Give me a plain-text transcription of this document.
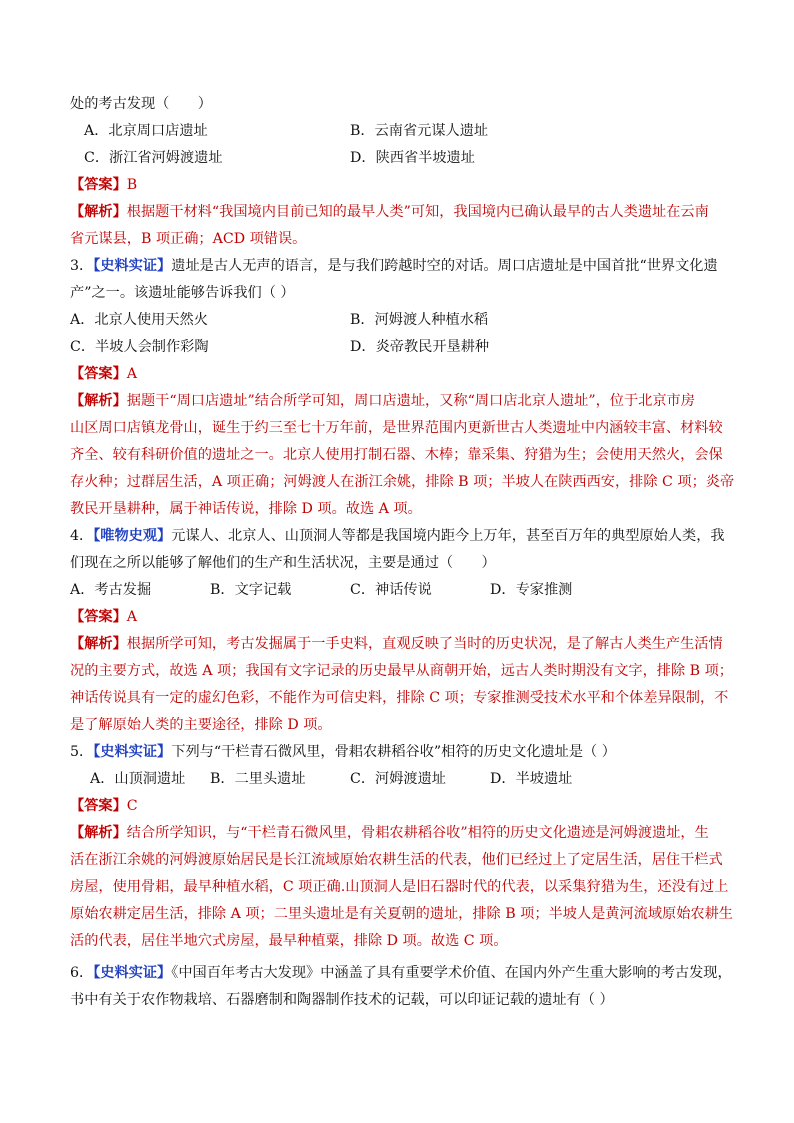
处的考古发现（　　）
A．北京周口店遗址	B．云南省元谋人遗址
C．浙江省河姆渡遗址	D．陕西省半坡遗址
【答案】B
【解析】根据题干材料“我国境内目前已知的最早人类”可知，我国境内已确认最早的古人类遗址在云南
省元谋县，B 项正确；ACD 项错误。
3．【史料实证】遗址是古人无声的语言，是与我们跨越时空的对话。周口店遗址是中国首批“世界文化遗
产”之一。该遗址能够告诉我们（ ）
A．北京人使用天然火	B．河姆渡人种植水稻
C．半坡人会制作彩陶	D．炎帝教民开垦耕种
【答案】A
【解析】据题干“周口店遗址”结合所学可知，周口店遗址，又称“周口店北京人遗址”，位于北京市房
山区周口店镇龙骨山，诞生于约三至七十万年前，是世界范围内更新世古人类遗址中内涵较丰富、材料较
齐全、较有科研价值的遗址之一。北京人使用打制石器、木棒；靠采集、狩猎为生；会使用天然火，会保
存火种；过群居生活，A 项正确；河姆渡人在浙江余姚，排除 B 项；半坡人在陕西西安，排除 C 项；炎帝
教民开垦耕种，属于神话传说，排除 D 项。故选 A 项。
4．【唯物史观】元谋人、北京人、山顶洞人等都是我国境内距今上万年，甚至百万年的典型原始人类，我
们现在之所以能够了解他们的生产和生活状况，主要是通过（　　）
A．考古发掘	B．文字记载	C．神话传说	D．专家推测
【答案】A
【解析】根据所学可知，考古发掘属于一手史料，直观反映了当时的历史状况，是了解古人类生产生活情
况的主要方式，故选 A 项；我国有文字记录的历史最早从商朝开始，远古人类时期没有文字，排除 B 项；
神话传说具有一定的虚幻色彩，不能作为可信史料，排除 C 项；专家推测受技术水平和个体差异限制，不
是了解原始人类的主要途径，排除 D 项。
5．【史料实证】下列与“干栏青石微风里，骨耜农耕稻谷收”相符的历史文化遗址是（ ）
A．山顶洞遗址 B．二里头遗址	C．河姆渡遗址	D．半坡遗址
【答案】C
【解析】结合所学知识，与“干栏青石微风里，骨耜农耕稻谷收”相符的历史文化遗迹是河姆渡遗址，生
活在浙江余姚的河姆渡原始居民是长江流域原始农耕生活的代表，他们已经过上了定居生活，居住干栏式
房屋，使用骨耜，最早种植水稻，C 项正确.山顶洞人是旧石器时代的代表，以采集狩猎为生，还没有过上
原始农耕定居生活，排除 A 项；二里头遗址是有关夏朝的遗址，排除 B 项；半坡人是黄河流域原始农耕生
活的代表，居住半地穴式房屋，最早种植粟，排除 D 项。故选 C 项。
6．【史料实证】《中国百年考古大发现》中涵盖了具有重要学术价值、在国内外产生重大影响的考古发现，
书中有关于农作物栽培、石器磨制和陶器制作技术的记载，可以印证记载的遗址有（ ）
